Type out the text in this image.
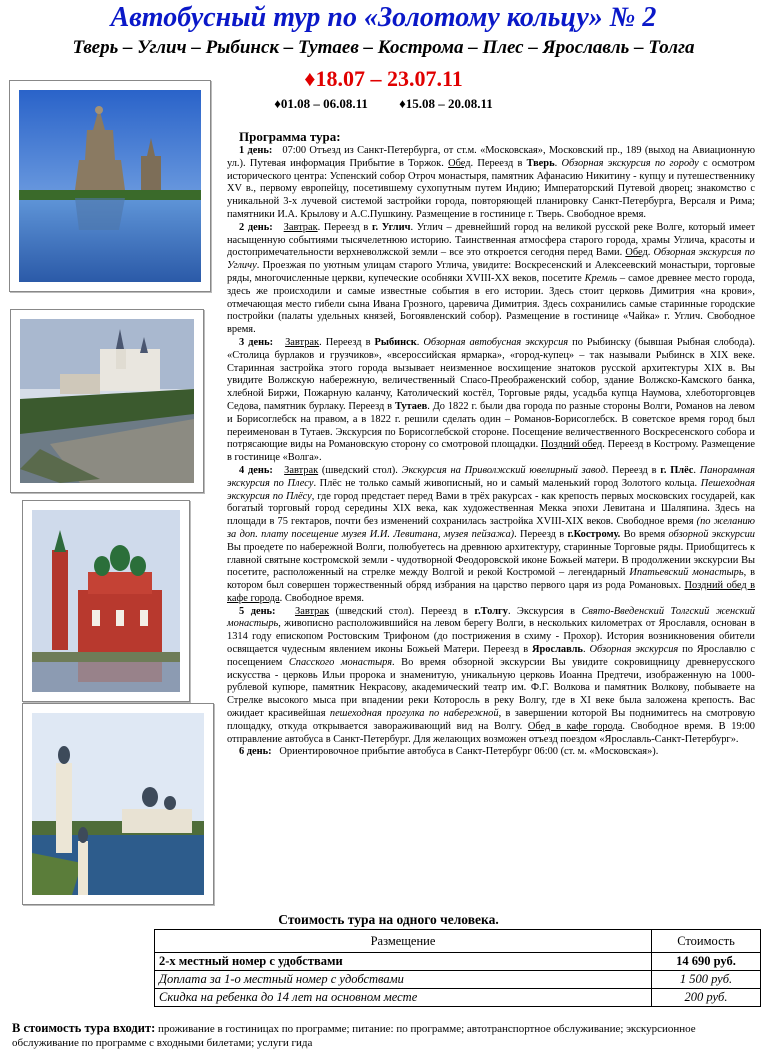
Автобусный тур по «Золотому кольцу» № 2
Тверь – Углич – Рыбинск – Тутаев – Кострома – Плес – Ярославль – Толга
♦18.07 – 23.07.11
♦01.08 – 06.08.11 ♦15.08 – 20.08.11

Программа тура:

1 день: 07:00 Отъезд из Санкт-Петербурга, от ст.м. «Московская», Московский пр., 189 (выход на Авиационную ул.). Путевая информация Прибытие в Торжок. Обед. Переезд в Тверь. Обзорная экскурсия по городу с осмотром исторического центра: Успенский собор Отроч монастыря, памятник Афанасию Никитину - купцу и путешественнику XV в., первому европейцу, посетившему сухопутным путем Индию; Императорский Путевой дворец; знакомство с уникальной 3-х лучевой системой застройки города, повторяющей планировку Санкт-Петербурга, Версаля и Рима; памятники И.А. Крылову и А.С.Пушкину. Размещение в гостинице г. Тверь. Свободное время.

2 день: Завтрак. Переезд в г. Углич. Углич – древнейший город на великой русской реке Волге, который имеет насыщенную событиями тысячелетнюю историю. Таинственная атмосфера старого города, храмы Углича, красоты и достопримечательности верхневолжской земли – все это откроется сегодня перед Вами. Обед. Обзорная экскурсия по Угличу. Проезжая по уютным улицам старого Углича, увидите: Воскресенский и Алексеевский монастыри, торговые ряды, многочисленные церкви, купеческие особняки XVIII-XX веков, посетите Кремль – самое древнее место города, здесь же происходили и самые известные события в его истории. Здесь стоит церковь Димитрия «на крови», отмечающая место гибели сына Ивана Грозного, царевича Димитрия. Здесь сохранились самые старинные городские постройки (палаты удельных князей, Богоявленский собор). Размещение в гостинице «Чайка» г. Углич. Свободное время.

3 день: Завтрак. Переезд в Рыбинск. Обзорная автобусная экскурсия по Рыбинску (бывшая Рыбная слобода). «Столица бурлаков и грузчиков», «всероссийская ярмарка», «город-купец» – так называли Рыбинск в XIX веке. Старинная застройка этого города вызывает неизменное восхищение знатоков русской архитектуры XIX в. Вы увидите Волжскую набережную, величественный Спасо-Преображенский собор, здание Волжско-Камского банка, хлебной Биржи, Пожарную каланчу, Католический костёл, Торговые ряды, усадьба купца Наумова, хлеботорговцев Седова, памятник бурлаку. Переезд в Тутаев. До 1822 г. были два города по разные стороны Волги, Романов на левом и Борисоглебск на правом, а в 1822 г. решили сделать один – Романов-Борисоглебск. В советское время город был переименован в Тутаев. Экскурсия по Борисоглебской стороне. Посещение величественного Воскресенского собора и потрясающие виды на Романовскую сторону со смотровой площадки. Поздний обед. Переезд в Кострому. Размещение в гостинице «Волга».

4 день: Завтрак (шведский стол). Экскурсия на Приволжский ювелирный завод. Переезд в г. Плёс. Панорамная экскурсия по Плесу. Плёс не только самый живописный, но и самый маленький город Золотого кольца. Пешеходная экскурсия по Плёсу, где город предстает перед Вами в трёх ракурсах - как крепость первых московских государей, как богатый торговый город середины XIX века, как художественная Мекка эпохи Левитана и Шаляпина. Здесь на площади в 75 гектаров, почти без изменений сохранилась застройка XVIII-XIX веков. Свободное время (по желанию за доп. плату посещение музея И.И. Левитана, музея пейзажа). Переезд в г.Кострому. Во время обзорной экскурсии Вы проедете по набережной Волги, полюбуетесь на древнюю архитектуру, старинные Торговые ряды. Приобщитесь к главной святыне костромской земли - чудотворной Феодоровской иконе Божьей матери. В продолжении экскурсии Вы посетите, расположенный на стрелке между Волгой и рекой Костромой – легендарный Ипатьевский монастырь, в котором был совершен торжественный обряд избрания на царство первого царя из рода Романовых. Поздний обед в кафе города. Свободное время.

5 день: Завтрак (шведский стол). Переезд в г.Толгу. Экскурсия в Свято-Введенский Толгский женский монастырь, живописно расположившийся на левом берегу Волги, в нескольких километрах от Ярославля, основан в 1314 году епископом Ростовским Трифоном (до пострижения в схиму - Прохор). История возникновения обители освящается чудесным явлением иконы Божьей Матери. Переезд в Ярославль. Обзорная экскурсия по Ярославлю с посещением Спасского монастыря. Во время обзорной экскурсии Вы увидите сокровищницу древнерусского искусства - церковь Ильи пророка и знаменитую, уникальную церковь Иоанна Предтечи, изображенную на 1000-рублевой купюре, памятник Некрасову, академический театр им. Ф.Г. Волкова и памятник Волкову, побываете на Стрелке высокого мыса при впадении реки Которосль в реку Волгу, где в XI веке была заложена крепость. Вас ожидает красивейшая пешеходная прогулка по набережной, в завершении которой Вы поднимитесь на смотровую площадку, откуда открывается завораживающий вид на Волгу. Обед в кафе города. Свободное время. В 19:00 отправление автобуса в Санкт-Петербург. Для желающих возможен отъезд поездом «Ярославль-Санкт-Петербург».

6 день: Ориентировочное прибытие автобуса в Санкт-Петербург 06:00 (ст. м. «Московская»).

Стоимость тура на одного человека.
Размещение	Стоимость
2-х местный номер с удобствами	14 690 руб.
Доплата за 1-о местный номер с удобствами	1 500 руб.
Скидка на ребенка до 14 лет на основном месте	200 руб.
В стоимость тура входит: проживание в гостиницах по программе; питание: по программе; автотранспортное обслуживание; экскурсионное обслуживание по программе с входными билетами; услуги гида
